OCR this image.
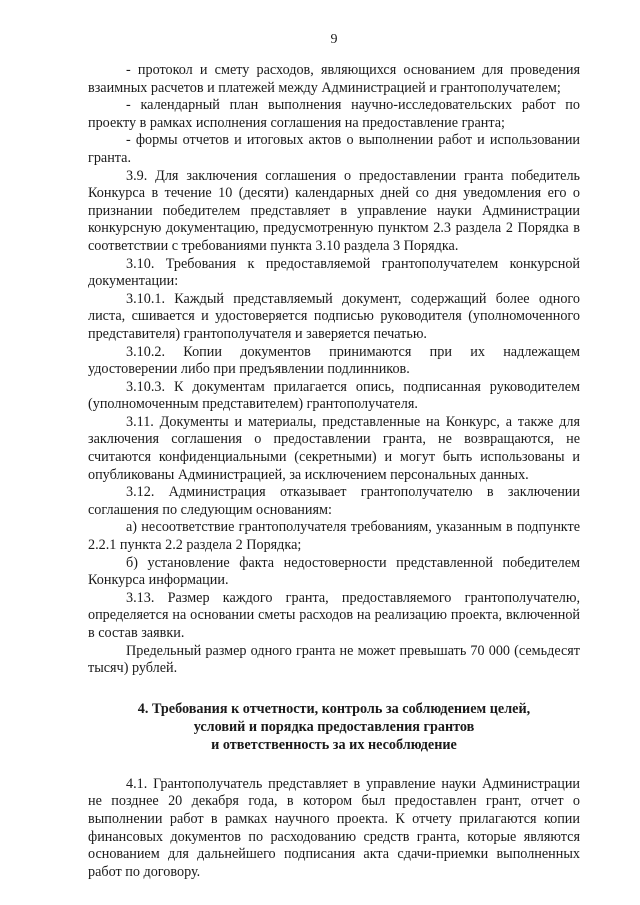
9

- протокол и смету расходов, являющихся основанием для проведения взаимных расчетов и платежей между Администрацией и грантополучателем;

- календарный план выполнения научно-исследовательских работ по проекту в рамках исполнения соглашения на предоставление гранта;

- формы отчетов и итоговых актов о выполнении работ и использовании гранта.

3.9. Для заключения соглашения о предоставлении гранта победитель Конкурса в течение 10 (десяти) календарных дней со дня уведомления его о признании победителем представляет в управление науки Администрации конкурсную документацию, предусмотренную пунктом 2.3 раздела 2 Порядка в соответствии с требованиями пункта 3.10 раздела 3 Порядка.

3.10. Требования к предоставляемой грантополучателем конкурсной документации:

3.10.1. Каждый представляемый документ, содержащий более одного листа, сшивается и удостоверяется подписью руководителя (уполномоченного представителя) грантополучателя и заверяется печатью.

3.10.2. Копии документов принимаются при их надлежащем удостоверении либо при предъявлении подлинников.

3.10.3. К документам прилагается опись, подписанная руководителем (уполномоченным представителем) грантополучателя.

3.11. Документы и материалы, представленные на Конкурс, а также для заключения соглашения о предоставлении гранта, не возвращаются, не считаются конфиденциальными (секретными) и могут быть использованы и опубликованы Администрацией, за исключением персональных данных.

3.12. Администрация отказывает грантополучателю в заключении соглашения по следующим основаниям:

а) несоответствие грантополучателя требованиям, указанным в подпункте 2.2.1 пункта 2.2 раздела 2 Порядка;

б) установление факта недостоверности представленной победителем Конкурса информации.

3.13. Размер каждого гранта, предоставляемого грантополучателю, определяется на основании сметы расходов на реализацию проекта, включенной в состав заявки.

Предельный размер одного гранта не может превышать 70 000 (семьдесят тысяч) рублей.

4. Требования к отчетности, контроль за соблюдением целей,
условий и порядка предоставления грантов
и ответственность за их несоблюдение

4.1. Грантополучатель представляет в управление науки Администрации не позднее 20 декабря года, в котором был предоставлен грант, отчет о выполнении работ в рамках научного проекта. К отчету прилагаются копии финансовых документов по расходованию средств гранта, которые являются основанием для дальнейшего подписания акта сдачи-приемки выполненных работ по договору.
